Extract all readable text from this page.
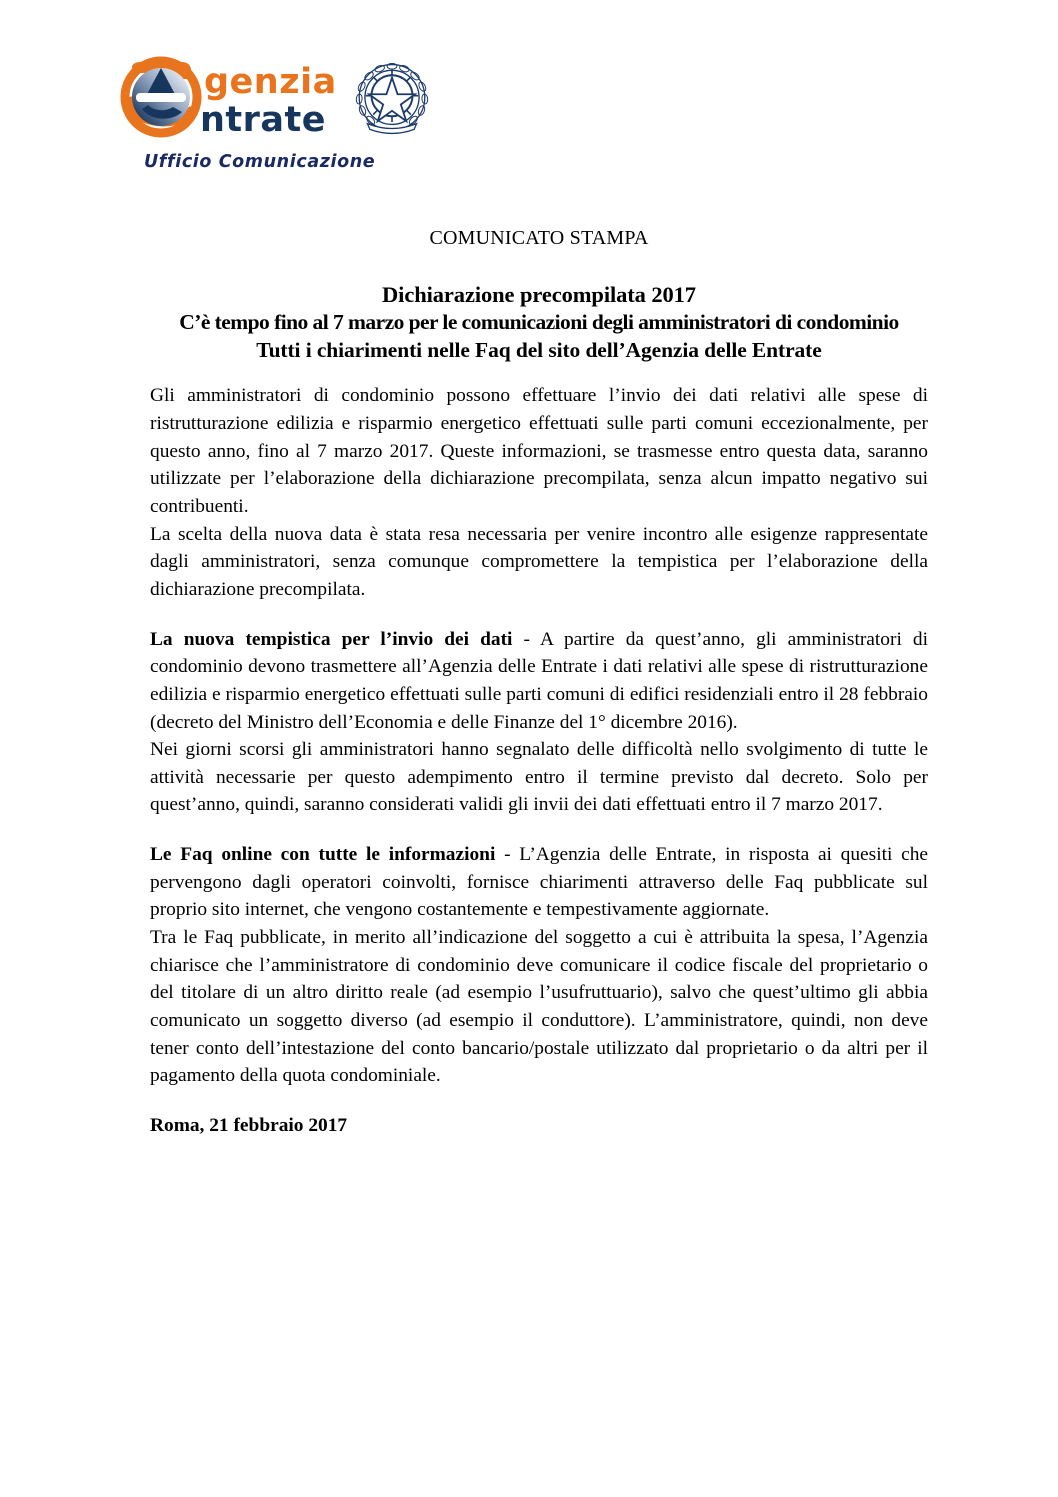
genzia
ntrate
Ufficio Comunicazione
COMUNICATO STAMPA
Dichiarazione precompilata 2017
C’è tempo fino al 7 marzo per le comunicazioni degli amministratori di condominio
Tutti i chiarimenti nelle Faq del sito dell’Agenzia delle Entrate

Gli amministratori di condominio possono effettuare l’invio dei dati relativi alle spese di ristrutturazione edilizia e risparmio energetico effettuati sulle parti comuni eccezionalmente, per questo anno, fino al 7 marzo 2017. Queste informazioni, se trasmesse entro questa data, saranno utilizzate per l’elaborazione della dichiarazione precompilata, senza alcun impatto negativo sui contribuenti.

La scelta della nuova data è stata resa necessaria per venire incontro alle esigenze rappresentate dagli amministratori, senza comunque compromettere la tempistica per l’elaborazione della dichiarazione precompilata.

La nuova tempistica per l’invio dei dati - A partire da quest’anno, gli amministratori di condominio devono trasmettere all’Agenzia delle Entrate i dati relativi alle spese di ristrutturazione edilizia e risparmio energetico effettuati sulle parti comuni di edifici residenziali entro il 28 febbraio (decreto del Ministro dell’Economia e delle Finanze del 1° dicembre 2016).

Nei giorni scorsi gli amministratori hanno segnalato delle difficoltà nello svolgimento di tutte le attività necessarie per questo adempimento entro il termine previsto dal decreto. Solo per quest’anno, quindi, saranno considerati validi gli invii dei dati effettuati entro il 7 marzo 2017.

Le Faq online con tutte le informazioni - L’Agenzia delle Entrate, in risposta ai quesiti che pervengono dagli operatori coinvolti, fornisce chiarimenti attraverso delle Faq pubblicate sul proprio sito internet, che vengono costantemente e tempestivamente aggiornate.

Tra le Faq pubblicate, in merito all’indicazione del soggetto a cui è attribuita la spesa, l’Agenzia chiarisce che l’amministratore di condominio deve comunicare il codice fiscale del proprietario o del titolare di un altro diritto reale (ad esempio l’usufruttuario), salvo che quest’ultimo gli abbia comunicato un soggetto diverso (ad esempio il conduttore). L’amministratore, quindi, non deve tener conto dell’intestazione del conto bancario/postale utilizzato dal proprietario o da altri per il pagamento della quota condominiale.

Roma, 21 febbraio 2017
